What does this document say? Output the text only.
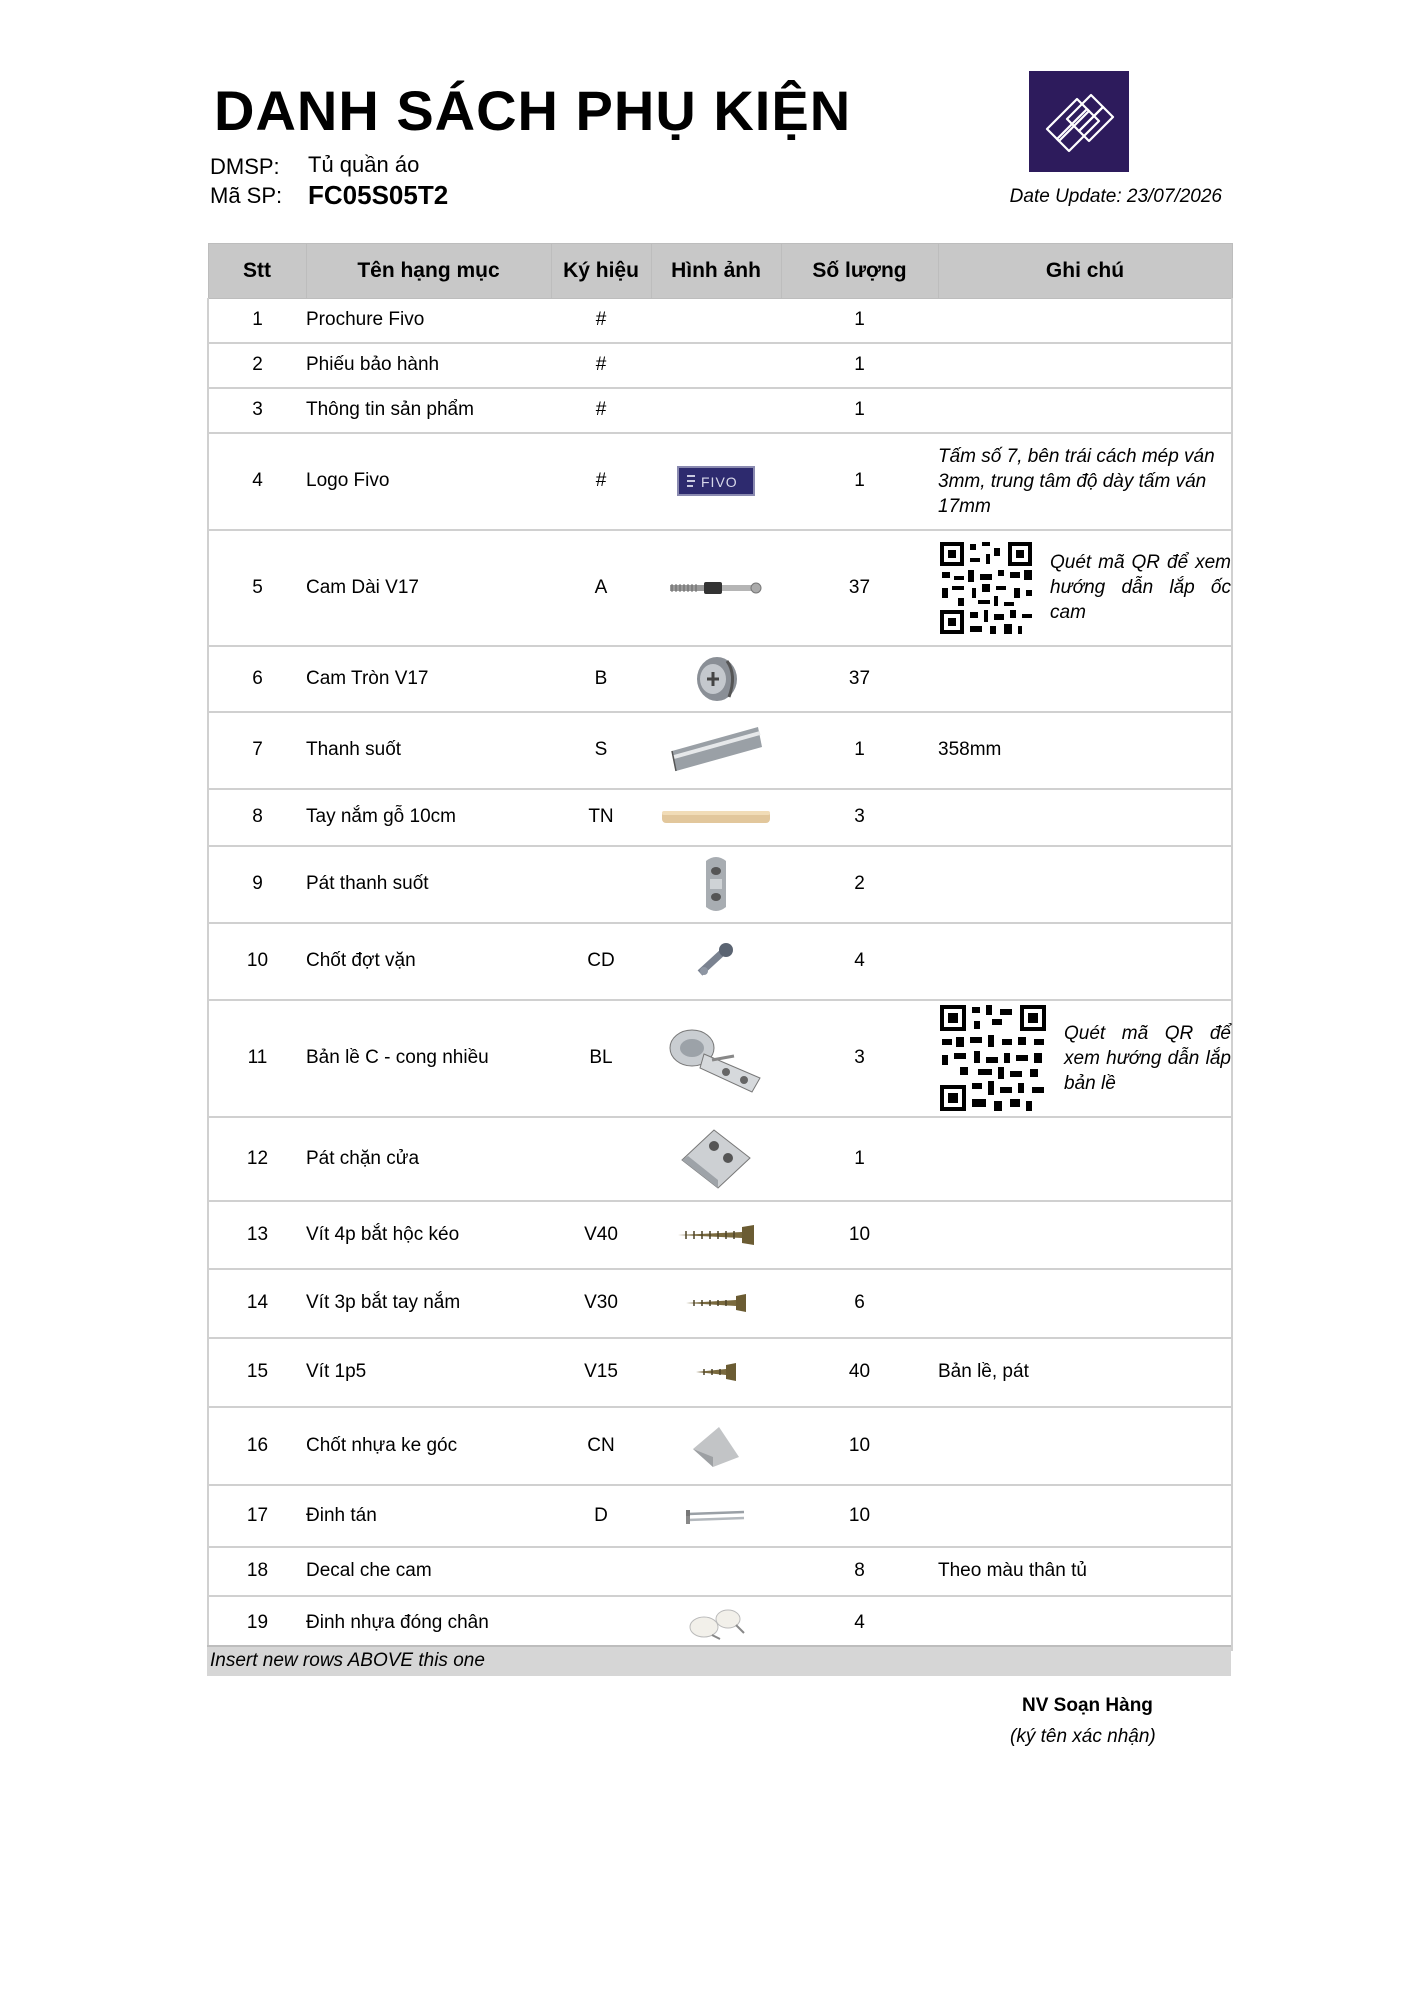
DANH SÁCH PHỤ KIỆN
DMSP: Tủ quần áo
Mã SP: FC05S05T2	Date Update: 23/07/2026
Stt	Tên hạng mục	Ký hiệu	Hình ảnh	Số lượng	Ghi chú
1	Prochure Fivo	#		1	
2	Phiếu bảo hành	#		1	
3	Thông tin sản phẩm	#		1	
4	Logo Fivo	#	FIVO	1	Tấm số 7, bên trái cách mép ván 3mm, trung tâm độ dày tấm ván 17mm

5	Cam Dài V17	A		37	Quét mã QR để xem hướng dẫn lắp ốc cam

6	Cam Tròn V17	B		37	
7	Thanh suốt	S		1	358mm
8	Tay nắm gỗ 10cm	TN		3	
9	Pát thanh suốt			2	
10	Chốt đợt vặn	CD		4	
11	Bản lề C - cong nhiều	BL		3	Quét mã QR để xem hướng dẫn lắp bản lề

12	Pát chặn cửa			1	
13	Vít 4p bắt hộc kéo	V40		10	
14	Vít 3p bắt tay nắm	V30		6	
15	Vít 1p5	V15		40	Bản lề, pát
16	Chốt nhựa ke góc	CN		10	
17	Đinh tán	D		10	
18	Decal che cam			8	Theo màu thân tủ
19	Đinh nhựa đóng chân			4	
Insert new rows ABOVE this one
NV Soạn Hàng
(ký tên xác nhận)
